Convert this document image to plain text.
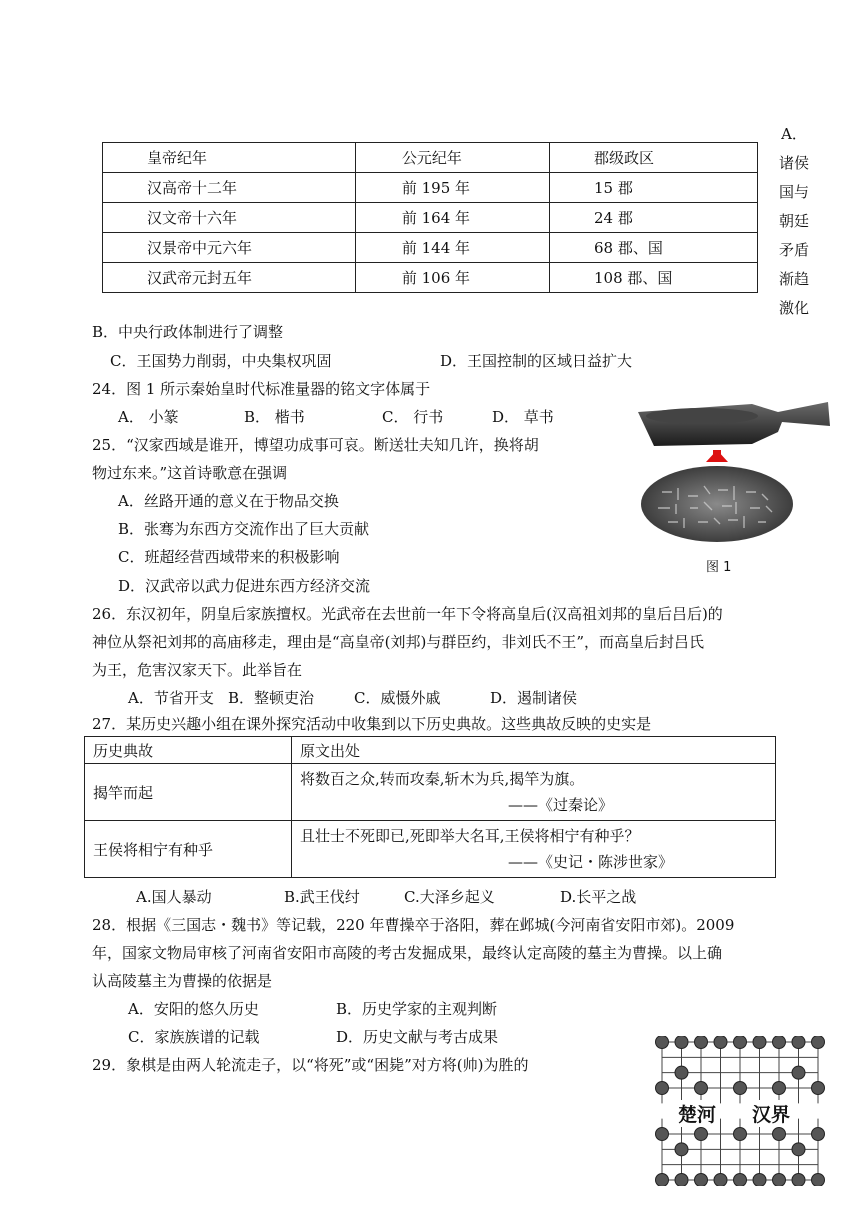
皇帝纪年	公元纪年	郡级政区
汉高帝十二年	前 195 年	15 郡
汉文帝十六年	前 164 年	24 郡
汉景帝中元六年	前 144 年	68 郡、国
汉武帝元封五年	前 106 年	108 郡、国
A．
诸侯
国与
朝廷
矛盾
渐趋
激化
B．中央行政体制进行了调整
C．王国势力削弱，中央集权巩固	D．王国控制的区域日益扩大
24．图 1 所示秦始皇时代标准量器的铭文字体属于
A． 小篆	B． 楷书	C． 行书	D． 草书
25．“汉家西域是谁开，博望功成事可哀。断送壮夫知几许，换将胡
物过东来。”这首诗歌意在强调
A．丝路开通的意义在于物品交换
B．张骞为东西方交流作出了巨大贡献
C．班超经营西域带来的积极影响
D．汉武帝以武力促进东西方经济交流
图 1
26．东汉初年，阴皇后家族擅权。光武帝在去世前一年下令将高皇后(汉高祖刘邦的皇后吕后)的
神位从祭祀刘邦的高庙移走，理由是“高皇帝(刘邦)与群臣约，非刘氏不王”，而高皇后封吕氏
为王，危害汉家天下。此举旨在
A．节省开支 B．整顿吏治	C．威慑外戚	D．遏制诸侯
27．某历史兴趣小组在课外探究活动中收集到以下历史典故。这些典故反映的史实是
历史典故	原文出处
揭竿而起	将数百之众,转而攻秦,斩木为兵,揭竿为旗。
——《过秦论》

王侯将相宁有种乎	且壮士不死即已,死即举大名耳,王侯将相宁有种乎？
——《史记・陈涉世家》
A.国人暴动	B.武王伐纣	C.大泽乡起义	D.长平之战
28．根据《三国志・魏书》等记载，220 年曹操卒于洛阳，葬在邺城(今河南省安阳市郊)。2009
年，国家文物局审核了河南省安阳市高陵的考古发掘成果，最终认定高陵的墓主为曹操。以上确
认高陵墓主为曹操的依据是
A．安阳的悠久历史	B．历史学家的主观判断
C．家族族谱的记载	D．历史文献与考古成果
29．象棋是由两人轮流走子，以“将死”或“困毙”对方将(帅)为胜的
楚河 汉界
